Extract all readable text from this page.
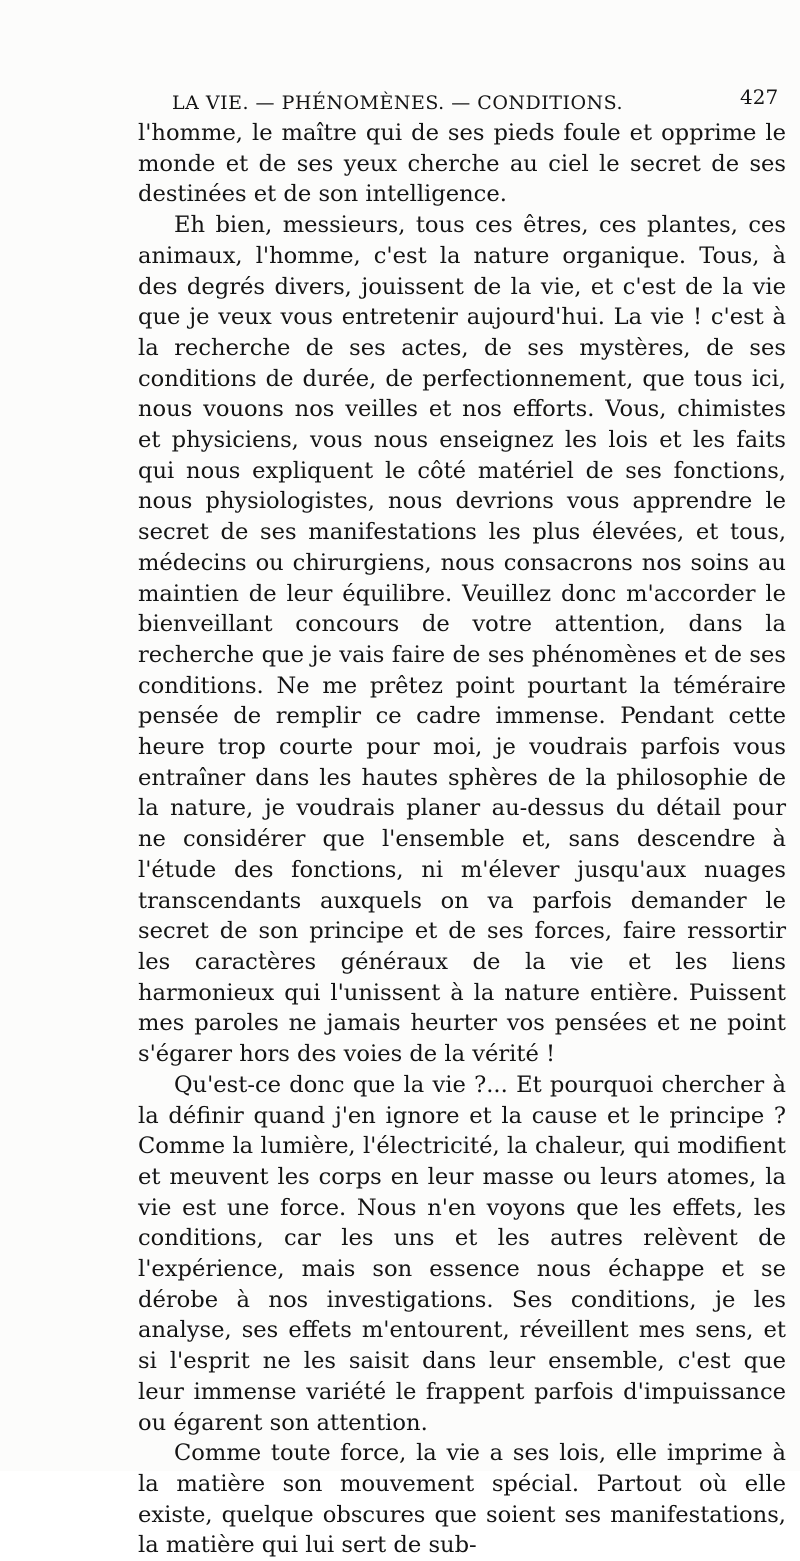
LA VIE. — PHÉNOMÈNES. — CONDITIONS.	427

l'homme, le maître qui de ses pieds foule et opprime le monde et de ses yeux cherche au ciel le secret de ses destinées et de son intelligence.

Eh bien, messieurs, tous ces êtres, ces plantes, ces animaux, l'homme, c'est la nature organique. Tous, à des degrés divers, jouissent de la vie, et c'est de la vie que je veux vous entretenir aujourd'hui. La vie ! c'est à la recherche de ses actes, de ses mystères, de ses conditions de durée, de perfectionnement, que tous ici, nous vouons nos veilles et nos efforts. Vous, chimistes et physiciens, vous nous enseignez les lois et les faits qui nous expliquent le côté matériel de ses fonctions, nous physiologistes, nous devrions vous apprendre le secret de ses manifestations les plus élevées, et tous, médecins ou chirurgiens, nous consacrons nos soins au maintien de leur équilibre. Veuillez donc m'accorder le bienveillant concours de votre attention, dans la recherche que je vais faire de ses phénomènes et de ses conditions. Ne me prêtez point pourtant la téméraire pensée de remplir ce cadre immense. Pendant cette heure trop courte pour moi, je voudrais parfois vous entraîner dans les hautes sphères de la philosophie de la nature, je voudrais planer au-dessus du détail pour ne considérer que l'ensemble et, sans descendre à l'étude des fonctions, ni m'élever jusqu'aux nuages transcendants auxquels on va parfois demander le secret de son principe et de ses forces, faire ressortir les caractères généraux de la vie et les liens harmonieux qui l'unissent à la nature entière. Puissent mes paroles ne jamais heurter vos pensées et ne point s'égarer hors des voies de la vérité !

Qu'est-ce donc que la vie ?... Et pourquoi chercher à la définir quand j'en ignore et la cause et le principe ? Comme la lumière, l'électricité, la chaleur, qui modifient et meuvent les corps en leur masse ou leurs atomes, la vie est une force. Nous n'en voyons que les effets, les conditions, car les uns et les autres relèvent de l'expérience, mais son essence nous échappe et se dérobe à nos investigations. Ses conditions, je les analyse, ses effets m'entourent, réveillent mes sens, et si l'esprit ne les saisit dans leur ensemble, c'est que leur immense variété le frappent parfois d'impuissance ou égarent son attention.

Comme toute force, la vie a ses lois, elle imprime à la matière son mouvement spécial. Partout où elle existe, quelque obscures que soient ses manifestations, la matière qui lui sert de sub-
